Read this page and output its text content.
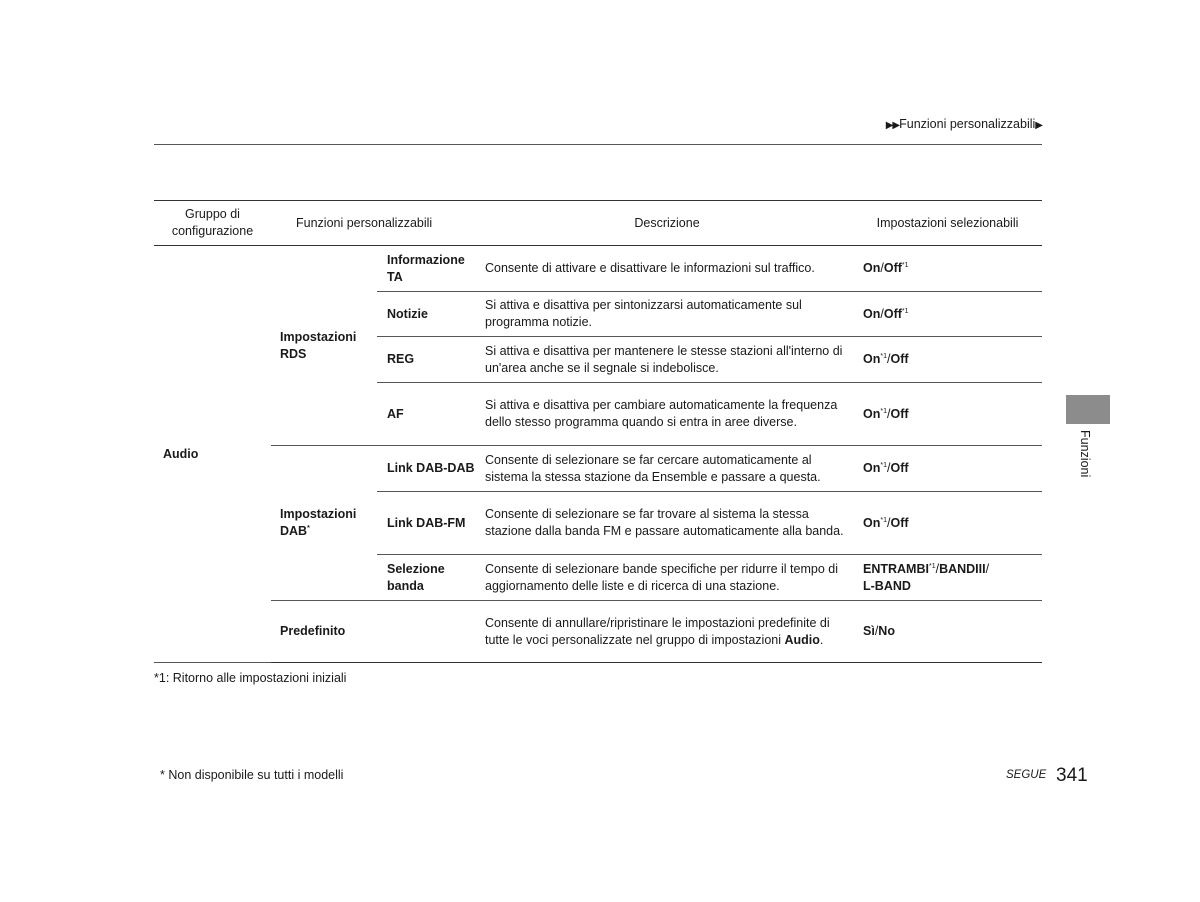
▶▶Funzioni personalizzabili▶
Gruppo di configurazione	Funzioni personalizzabili		Descrizione	Impostazioni selezionabili
Audio	Impostazioni RDS	Informazione TA	Consente di attivare e disattivare le informazioni sul traffico.	On/Off$^{*1}$
		Notizie	Si attiva e disattiva per sintonizzarsi automaticamente sul programma notizie.	On/Off$^{*1}$
		REG	Si attiva e disattiva per mantenere le stesse stazioni all'interno di un'area anche se il segnale si indebolisce.	On$^{*1}$/Off
		AF	Si attiva e disattiva per cambiare automaticamente la frequenza dello stesso programma quando si entra in aree diverse.	On$^{*1}$/Off
	Impostazioni DAB*	Link DAB-DAB	Consente di selezionare se far cercare automaticamente al sistema la stessa stazione da Ensemble e passare a questa.	On$^{*1}$/Off
		Link DAB-FM	Consente di selezionare se far trovare al sistema la stessa stazione dalla banda FM e passare automaticamente alla banda.	On$^{*1}$/Off
		Selezione banda	Consente di selezionare bande specifiche per ridurre il tempo di aggiornamento delle liste e di ricerca di una stazione.	ENTRAMBI$^{*1}$/BANDIII/
L-BAND
	Predefinito		Consente di annullare/ripristinare le impostazioni predefinite di tutte le voci personalizzate nel gruppo di impostazioni Audio.	Sì/No
*1: Ritorno alle impostazioni iniziali
* Non disponibile su tutti i modelli	SEGUE 341
Funzioni
